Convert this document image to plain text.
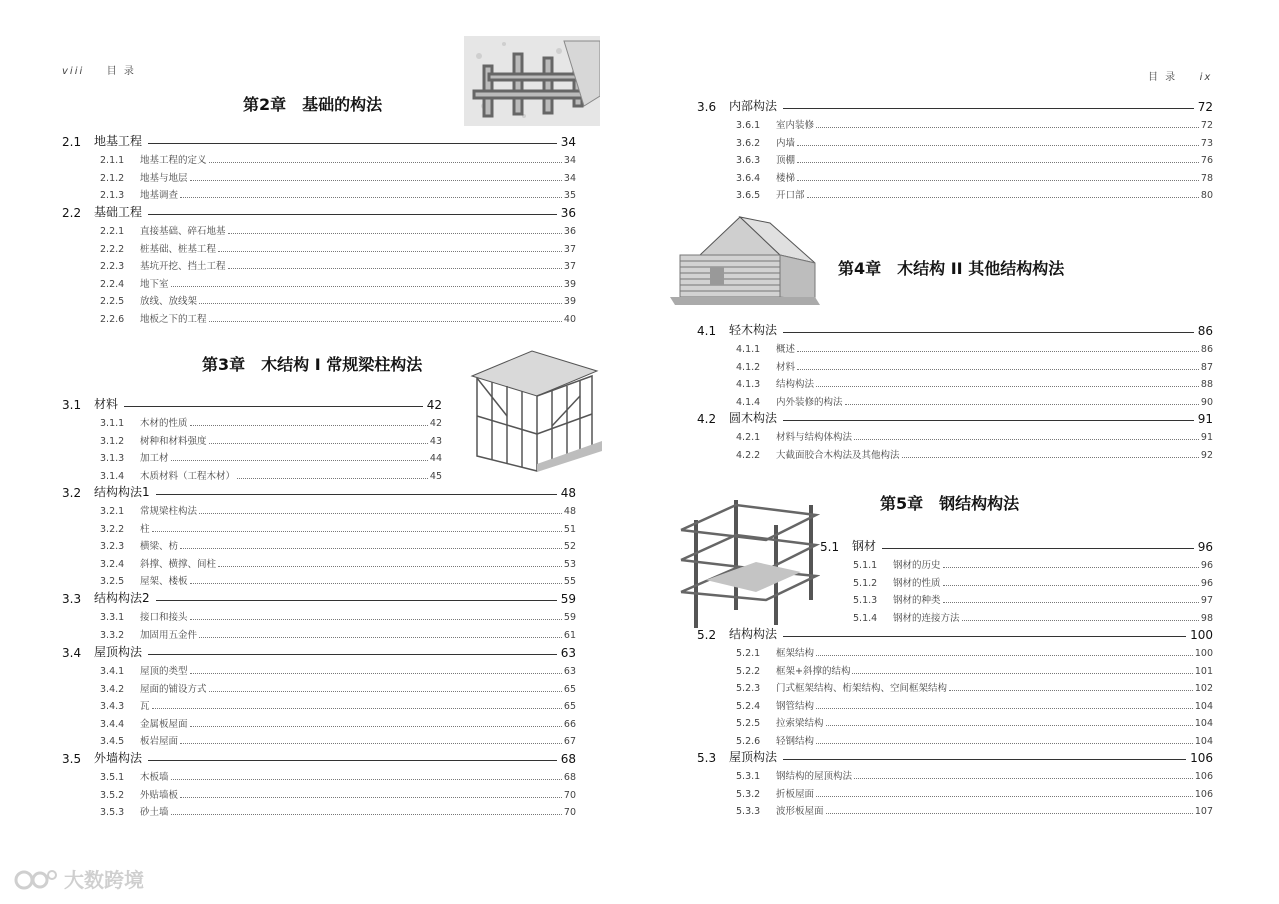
viii 目 录
第2章 基础的构法
2.1	地基工程	34
2.1.1	地基工程的定义	34
2.1.2	地基与地层	34
2.1.3	地基调查	35
2.2	基础工程	36
2.2.1	直接基础、碎石地基	36
2.2.2	桩基础、桩基工程	37
2.2.3	基坑开挖、挡土工程	37
2.2.4	地下室	39
2.2.5	放线、放线架	39
2.2.6	地板之下的工程	40
3.1	材料	42
3.1.1	木材的性质	42
3.1.2	树种和材料强度	43
3.1.3	加工材	44
3.1.4	木质材料（工程木材）	45
3.2	结构构法1	48
3.2.1	常规梁柱构法	48
3.2.2	柱	51
3.2.3	横梁、枋	52
3.2.4	斜撑、横撑、间柱	53
3.2.5	屋架、楼板	55
3.3	结构构法2	59
3.3.1	接口和接头	59
3.3.2	加固用五金件	61
3.4	屋顶构法	63
3.4.1	屋顶的类型	63
3.4.2	屋面的铺设方式	65
3.4.3	瓦	65
3.4.4	金属板屋面	66
3.4.5	板岩屋面	67
3.5	外墙构法	68
3.5.1	木板墙	68
3.5.2	外贴墙板	70
3.5.3	砂土墙	70
第3章 木结构 I 常规梁柱构法
目 录 ix
3.6	内部构法	72
3.6.1	室内装修	72
3.6.2	内墙	73
3.6.3	顶棚	76
3.6.4	楼梯	78
3.6.5	开口部	80
4.1	轻木构法	86
4.1.1	概述	86
4.1.2	材料	87
4.1.3	结构构法	88
4.1.4	内外装修的构法	90
4.2	圆木构法	91
4.2.1	材料与结构体构法	91
4.2.2	大截面胶合木构法及其他构法	92
5.1	钢材	96
5.1.1	钢材的历史	96
5.1.2	钢材的性质	96
5.1.3	钢材的种类	97
5.1.4	钢材的连接方法	98
5.2	结构构法	100
5.2.1	框架结构	100
5.2.2	框架+斜撑的结构	101
5.2.3	门式框架结构、桁架结构、空间框架结构	102
5.2.4	钢管结构	104
5.2.5	拉索梁结构	104
5.2.6	轻钢结构	104
5.3	屋顶构法	106
5.3.1	钢结构的屋顶构法	106
5.3.2	折板屋面	106
5.3.3	波形板屋面	107
第4章 木结构 II 其他结构构法
第5章 钢结构构法
大数跨境
